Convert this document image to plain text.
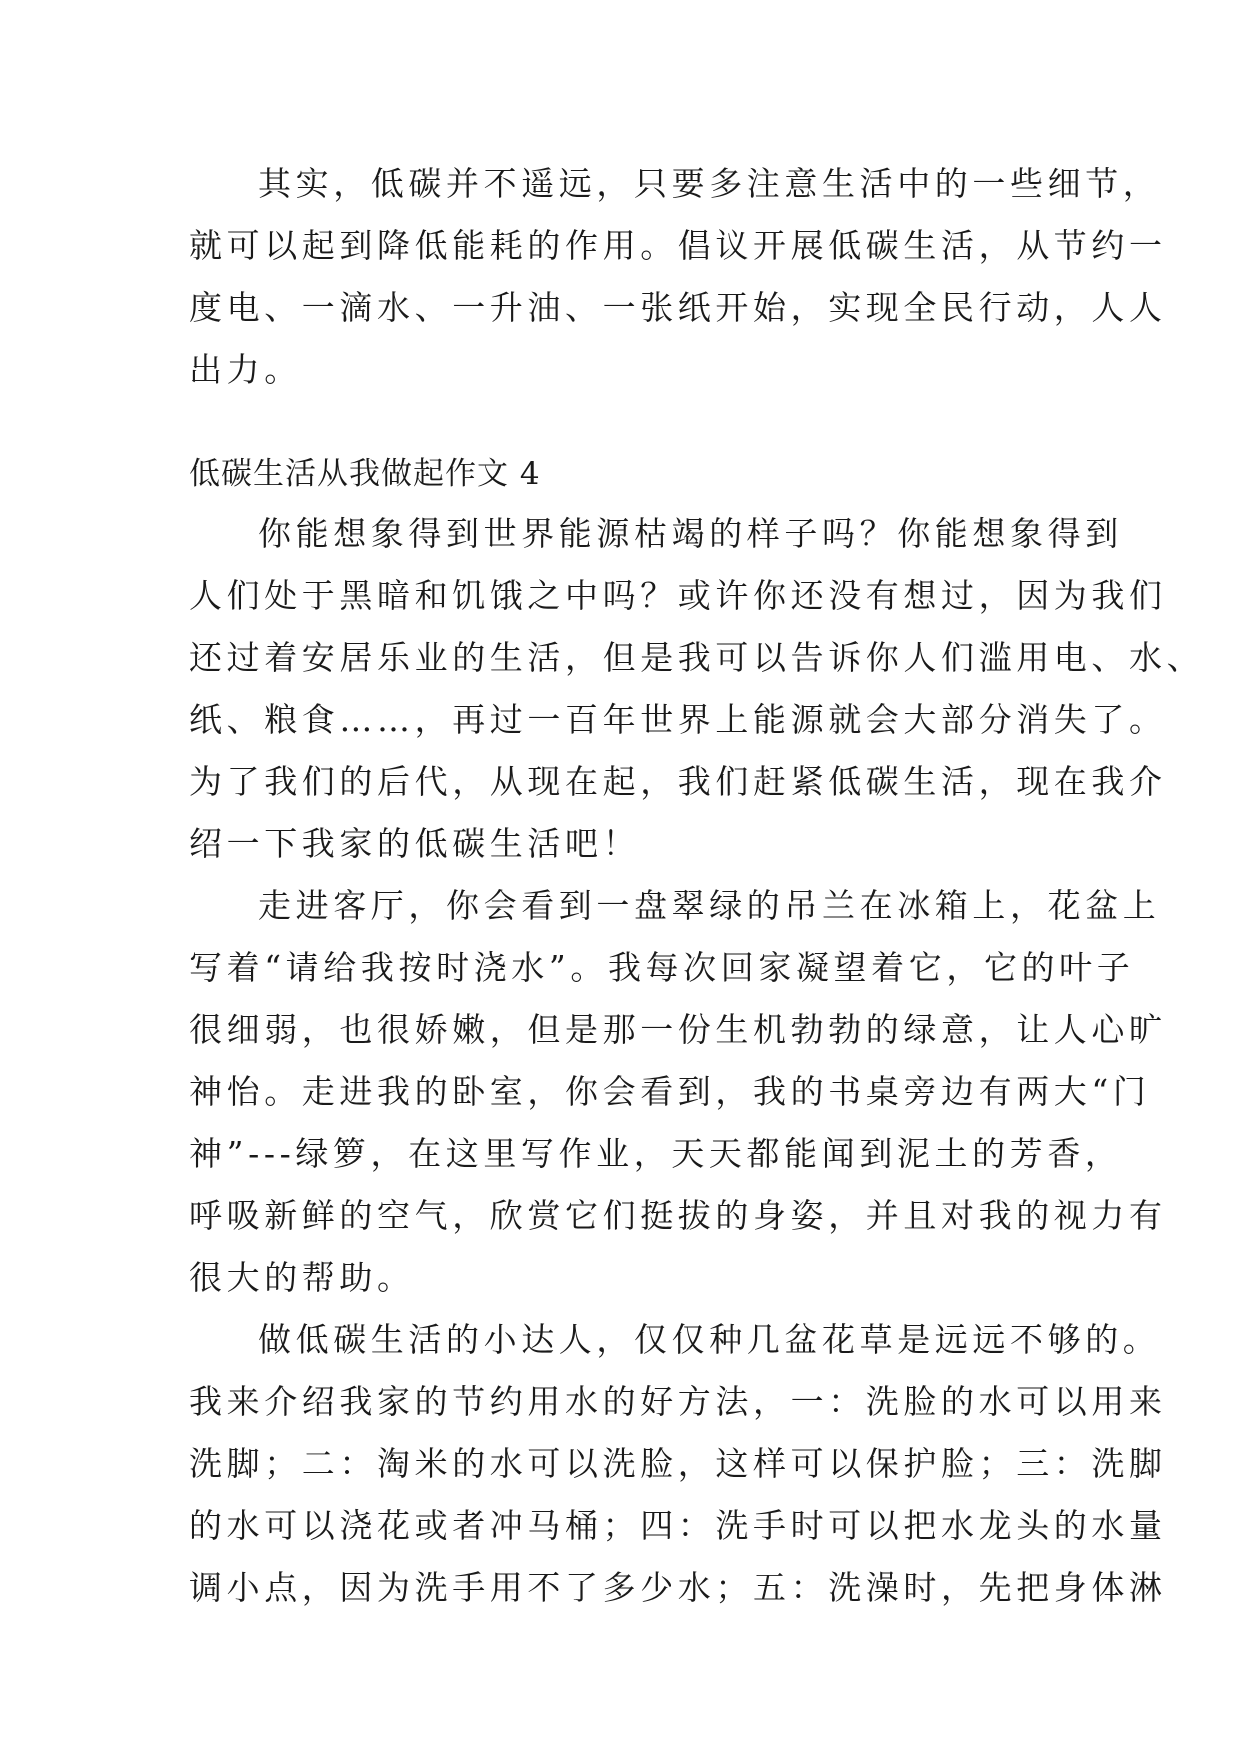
其实，低碳并不遥远，只要多注意生活中的一些细节，
就可以起到降低能耗的作用。倡议开展低碳生活，从节约一
度电、一滴水、一升油、一张纸开始，实现全民行动，人人
出力。
低碳生活从我做起作文 4
你能想象得到世界能源枯竭的样子吗？你能想象得到
人们处于黑暗和饥饿之中吗？或许你还没有想过，因为我们
还过着安居乐业的生活，但是我可以告诉你人们滥用电、水、
纸、粮食……，再过一百年世界上能源就会大部分消失了。
为了我们的后代，从现在起，我们赶紧低碳生活，现在我介
绍一下我家的低碳生活吧！
走进客厅，你会看到一盘翠绿的吊兰在冰箱上，花盆上
写着“请给我按时浇水”。我每次回家凝望着它，它的叶子
很细弱，也很娇嫩，但是那一份生机勃勃的绿意，让人心旷
神怡。走进我的卧室，你会看到，我的书桌旁边有两大“门
神”---绿箩，在这里写作业，天天都能闻到泥土的芳香，
呼吸新鲜的空气，欣赏它们挺拔的身姿，并且对我的视力有
很大的帮助。
做低碳生活的小达人，仅仅种几盆花草是远远不够的。
我来介绍我家的节约用水的好方法，一：洗脸的水可以用来
洗脚；二：淘米的水可以洗脸，这样可以保护脸；三：洗脚
的水可以浇花或者冲马桶；四：洗手时可以把水龙头的水量
调小点，因为洗手用不了多少水；五：洗澡时，先把身体淋
